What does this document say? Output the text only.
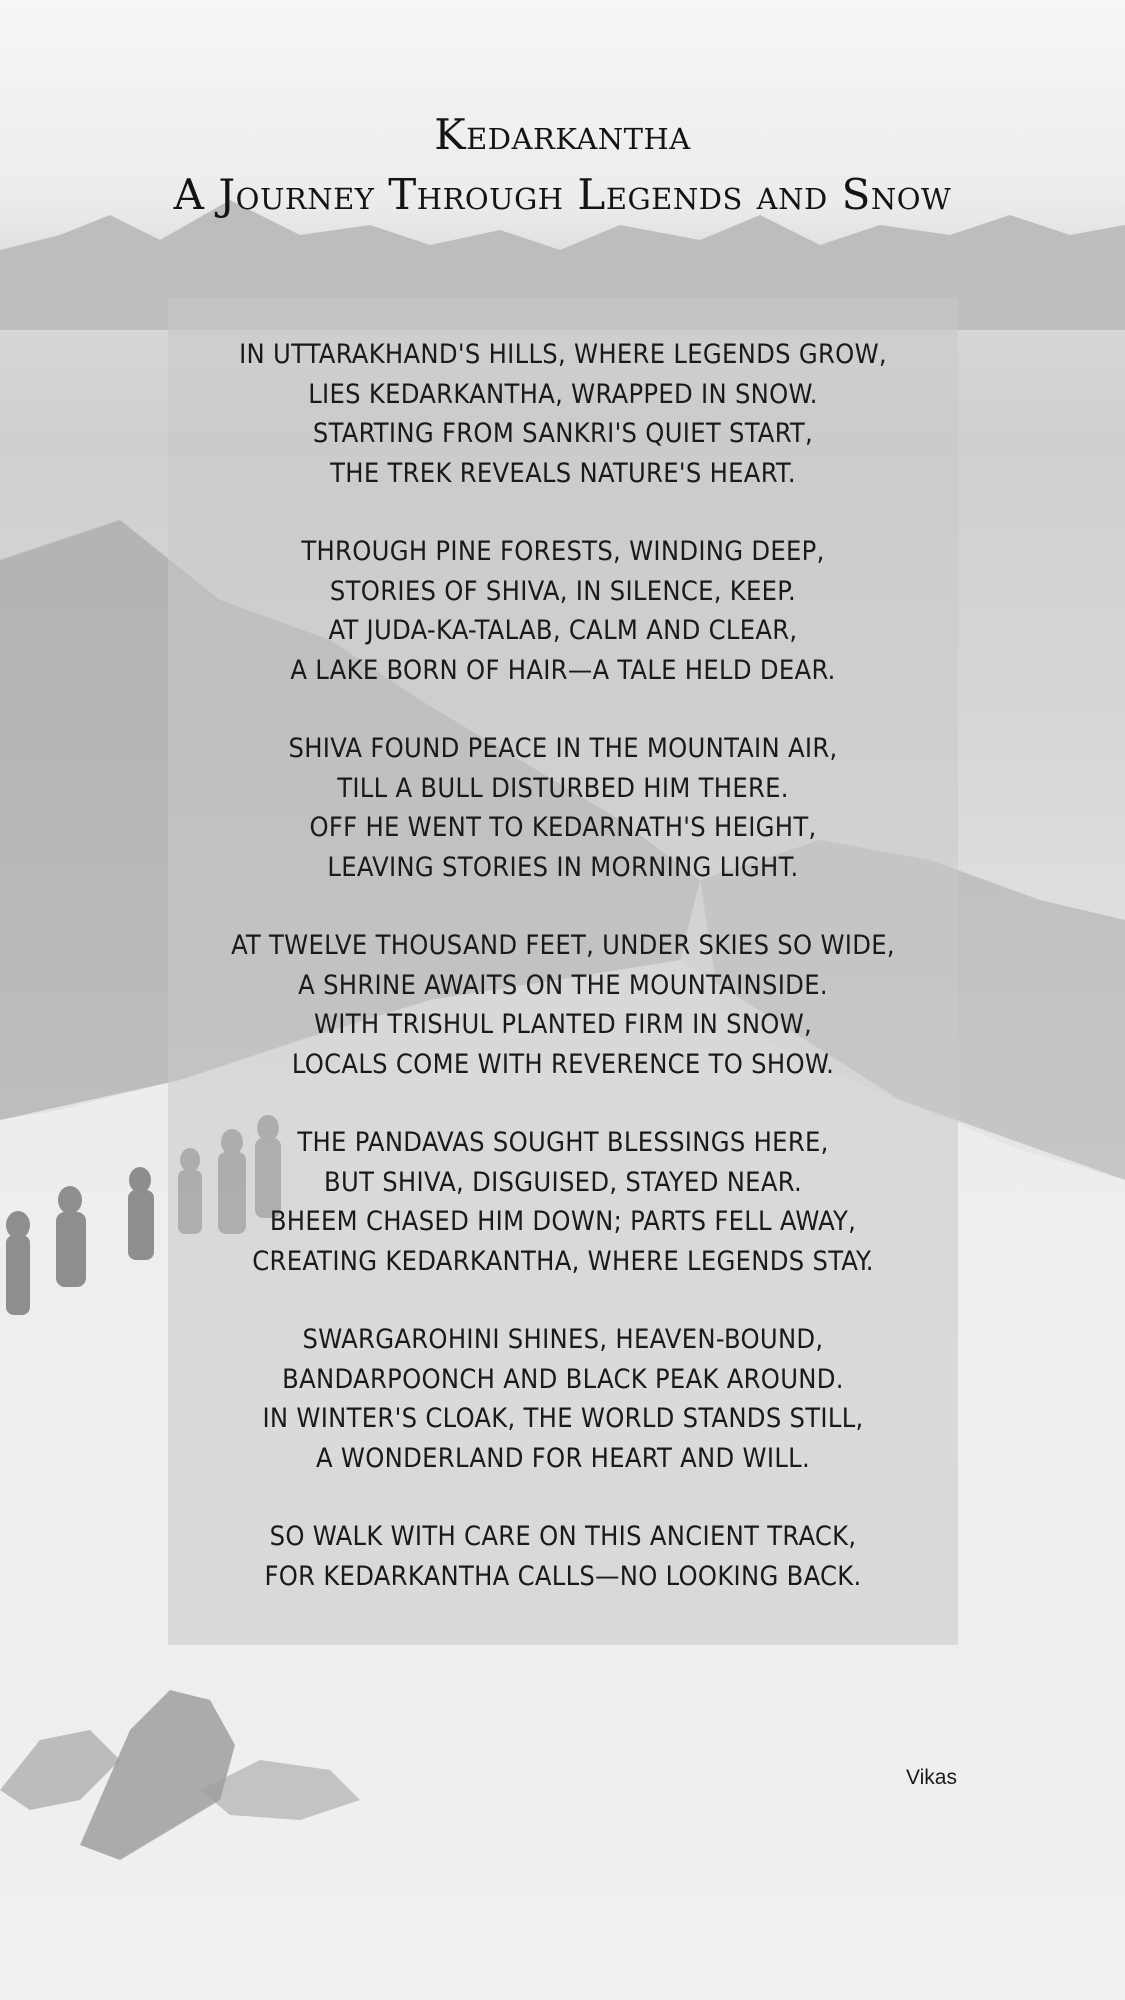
Kedarkantha
A Journey Through Legends and Snow
IN UTTARAKHAND'S HILLS, WHERE LEGENDS GROW,
LIES KEDARKANTHA, WRAPPED IN SNOW.
STARTING FROM SANKRI'S QUIET START,
THE TREK REVEALS NATURE'S HEART.
THROUGH PINE FORESTS, WINDING DEEP,
STORIES OF SHIVA, IN SILENCE, KEEP.
AT JUDA-KA-TALAB, CALM AND CLEAR,
A LAKE BORN OF HAIR—A TALE HELD DEAR.
SHIVA FOUND PEACE IN THE MOUNTAIN AIR,
TILL A BULL DISTURBED HIM THERE.
OFF HE WENT TO KEDARNATH'S HEIGHT,
LEAVING STORIES IN MORNING LIGHT.
AT TWELVE THOUSAND FEET, UNDER SKIES SO WIDE,
A SHRINE AWAITS ON THE MOUNTAINSIDE.
WITH TRISHUL PLANTED FIRM IN SNOW,
LOCALS COME WITH REVERENCE TO SHOW.
THE PANDAVAS SOUGHT BLESSINGS HERE,
BUT SHIVA, DISGUISED, STAYED NEAR.
BHEEM CHASED HIM DOWN; PARTS FELL AWAY,
CREATING KEDARKANTHA, WHERE LEGENDS STAY.
SWARGAROHINI SHINES, HEAVEN-BOUND,
BANDARPOONCH AND BLACK PEAK AROUND.
IN WINTER'S CLOAK, THE WORLD STANDS STILL,
A WONDERLAND FOR HEART AND WILL.
SO WALK WITH CARE ON THIS ANCIENT TRACK,
FOR KEDARKANTHA CALLS—NO LOOKING BACK.
Vikas
